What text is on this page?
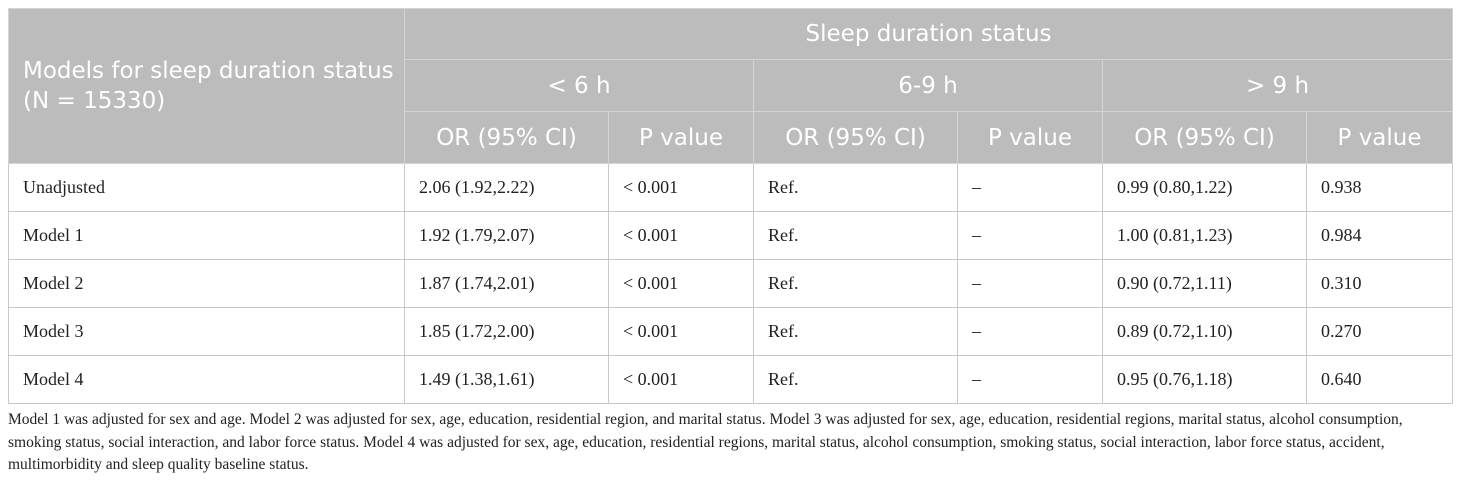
Models for sleep duration status (N = 15330)	Sleep duration status					
	< 6 h		6-9 h		> 9 h	
	OR (95% CI)	P value	OR (95% CI)	P value	OR (95% CI)	P value
Unadjusted	2.06 (1.92,2.22)	< 0.001	Ref.	–	0.99 (0.80,1.22)	0.938
Model 1	1.92 (1.79,2.07)	< 0.001	Ref.	–	1.00 (0.81,1.23)	0.984
Model 2	1.87 (1.74,2.01)	< 0.001	Ref.	–	0.90 (0.72,1.11)	0.310
Model 3	1.85 (1.72,2.00)	< 0.001	Ref.	–	0.89 (0.72,1.10)	0.270
Model 4	1.49 (1.38,1.61)	< 0.001	Ref.	–	0.95 (0.76,1.18)	0.640
Model 1 was adjusted for sex and age. Model 2 was adjusted for sex, age, education, residential region, and marital status. Model 3 was adjusted for sex, age, education, residential regions, marital status, alcohol consumption, smoking status, social interaction, and labor force status. Model 4 was adjusted for sex, age, education, residential regions, marital status, alcohol consumption, smoking status, social interaction, labor force status, accident, multimorbidity and sleep quality baseline status.
